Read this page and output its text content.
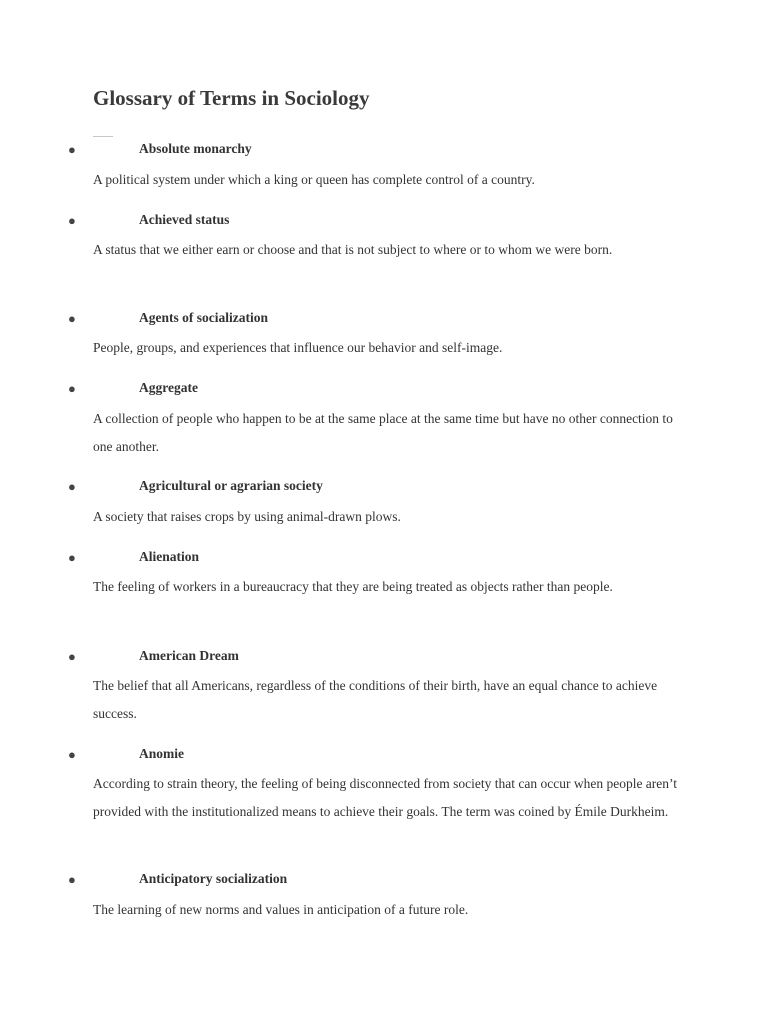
Glossary of Terms in Sociology
●	Absolute monarchy
A political system under which a king or queen has complete control of a country.
●	Achieved status
A status that we either earn or choose and that is not subject to where or to whom we were born.
●	Agents of socialization
People, groups, and experiences that influence our behavior and self-image.
●	Aggregate
A collection of people who happen to be at the same place at the same time but have no other connection to one another.
●	Agricultural or agrarian society
A society that raises crops by using animal-drawn plows.
●	Alienation
The feeling of workers in a bureaucracy that they are being treated as objects rather than people.
●	American Dream
The belief that all Americans, regardless of the conditions of their birth, have an equal chance to achieve success.
●	Anomie
According to strain theory, the feeling of being disconnected from society that can occur when people aren’t provided with the institutionalized means to achieve their goals. The term was coined by Émile Durkheim.
●	Anticipatory socialization
The learning of new norms and values in anticipation of a future role.
